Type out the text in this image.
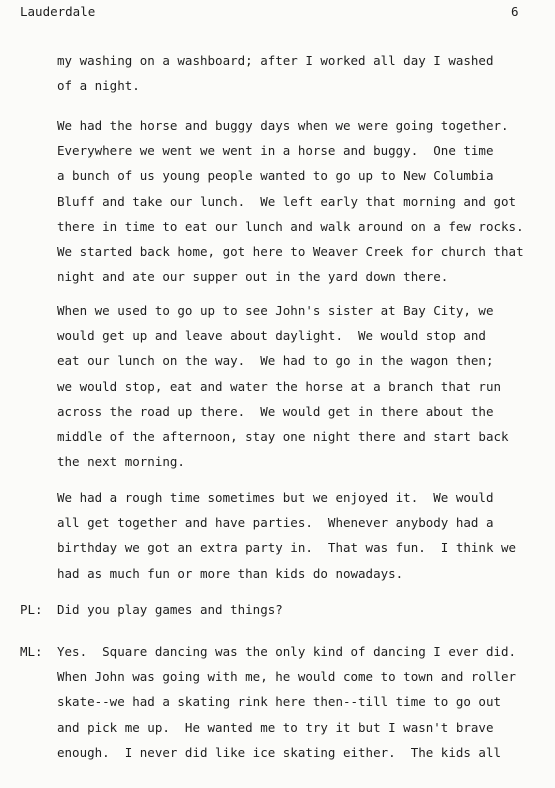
Lauderdale	6
my washing on a washboard; after I worked all day I washed
of a night.
We had the horse and buggy days when we were going together.
Everywhere we went we went in a horse and buggy.  One time
a bunch of us young people wanted to go up to New Columbia
Bluff and take our lunch.  We left early that morning and got
there in time to eat our lunch and walk around on a few rocks.
We started back home, got here to Weaver Creek for church that
night and ate our supper out in the yard down there.
When we used to go up to see John's sister at Bay City, we
would get up and leave about daylight.  We would stop and
eat our lunch on the way.  We had to go in the wagon then;
we would stop, eat and water the horse at a branch that run
across the road up there.  We would get in there about the
middle of the afternoon, stay one night there and start back
the next morning.
We had a rough time sometimes but we enjoyed it.  We would
all get together and have parties.  Whenever anybody had a
birthday we got an extra party in.  That was fun.  I think we
had as much fun or more than kids do nowadays.
PL: Did you play games and things?
ML: Yes.  Square dancing was the only kind of dancing I ever did.
When John was going with me, he would come to town and roller
skate--we had a skating rink here then--till time to go out
and pick me up.  He wanted me to try it but I wasn't brave
enough.  I never did like ice skating either.  The kids all
